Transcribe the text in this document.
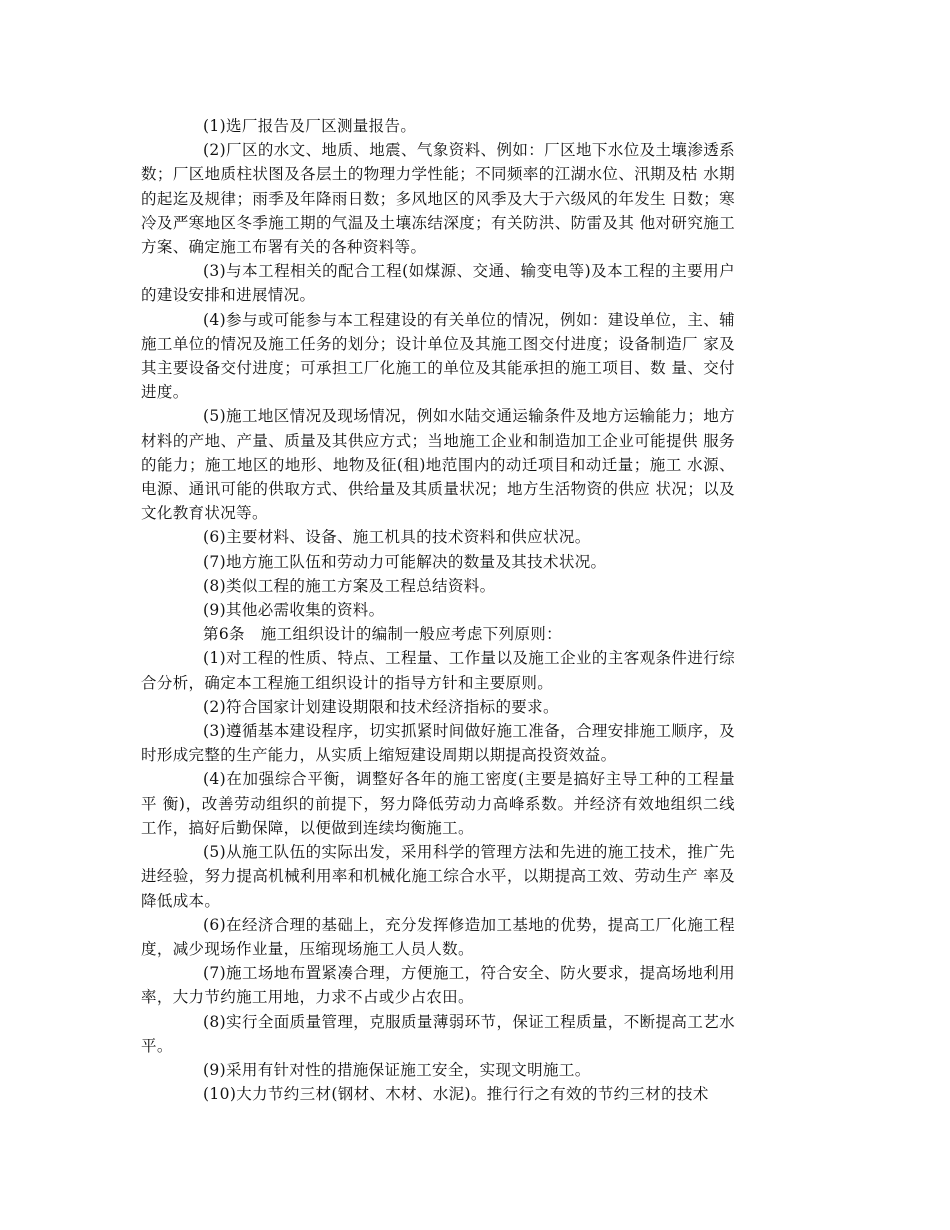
(1)选厂报告及厂区测量报告。

(2)厂区的水文、地质、地震、气象资料、例如：厂区地下水位及土壤渗透系 数；厂区地质柱状图及各层土的物理力学性能；不同频率的江湖水位、汛期及枯 水期的起迄及规律；雨季及年降雨日数；多风地区的风季及大于六级风的年发生 日数；寒冷及严寒地区冬季施工期的气温及土壤冻结深度；有关防洪、防雷及其 他对研究施工方案、确定施工布署有关的各种资料等。

(3)与本工程相关的配合工程(如煤源、交通、输变电等)及本工程的主要用户 的建设安排和进展情况。

(4)参与或可能参与本工程建设的有关单位的情况，例如：建设单位，主、辅 施工单位的情况及施工任务的划分；设计单位及其施工图交付进度；设备制造厂 家及其主要设备交付进度；可承担工厂化施工的单位及其能承担的施工项目、数 量、交付进度。

(5)施工地区情况及现场情况，例如水陆交通运输条件及地方运输能力；地方 材料的产地、产量、质量及其供应方式；当地施工企业和制造加工企业可能提供 服务的能力；施工地区的地形、地物及征(租)地范围内的动迁项目和动迁量；施工 水源、电源、通讯可能的供取方式、供给量及其质量状况；地方生活物资的供应 状况；以及文化教育状况等。

(6)主要材料、设备、施工机具的技术资料和供应状况。

(7)地方施工队伍和劳动力可能解决的数量及其技术状况。

(8)类似工程的施工方案及工程总结资料。

(9)其他必需收集的资料。

第6条　施工组织设计的编制一般应考虑下列原则：

(1)对工程的性质、特点、工程量、工作量以及施工企业的主客观条件进行综 合分析，确定本工程施工组织设计的指导方针和主要原则。

(2)符合国家计划建设期限和技术经济指标的要求。

(3)遵循基本建设程序，切实抓紧时间做好施工准备，合理安排施工顺序，及 时形成完整的生产能力，从实质上缩短建设周期以期提高投资效益。

(4)在加强综合平衡，调整好各年的施工密度(主要是搞好主导工种的工程量平 衡)，改善劳动组织的前提下，努力降低劳动力高峰系数。并经济有效地组织二线 工作，搞好后勤保障，以便做到连续均衡施工。

(5)从施工队伍的实际出发，采用科学的管理方法和先进的施工技术，推广先 进经验，努力提高机械利用率和机械化施工综合水平，以期提高工效、劳动生产 率及降低成本。

(6)在经济合理的基础上，充分发挥修造加工基地的优势，提高工厂化施工程 度，减少现场作业量，压缩现场施工人员人数。

(7)施工场地布置紧凑合理，方便施工，符合安全、防火要求，提高场地利用 率，大力节约施工用地，力求不占或少占农田。

(8)实行全面质量管理，克服质量薄弱环节，保证工程质量，不断提高工艺水 平。

(9)采用有针对性的措施保证施工安全，实现文明施工。

(10)大力节约三材(钢材、木材、水泥)。推行行之有效的节约三材的技术
